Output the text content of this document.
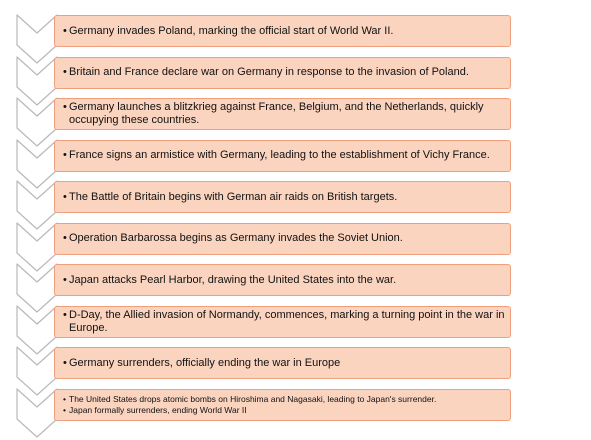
1
• Germany invades Poland, marking the official start of World War II.
1
• Britain and France declare war on Germany in response to the invasion of Poland.
1
• Germany launches a blitzkrieg against France, Belgium, and the Netherlands, quickly occupying these countries.
1
• France signs an armistice with Germany, leading to the establishment of Vichy France.
1
• The Battle of Britain begins with German air raids on British targets.
1
• Operation Barbarossa begins as Germany invades the Soviet Union.
1
• Japan attacks Pearl Harbor, drawing the United States into the war.
1
• D-Day, the Allied invasion of Normandy, commences, marking a turning point in the war in Europe.
1
• Germany surrenders, officially ending the war in Europe
1
• The United States drops atomic bombs on Hiroshima and Nagasaki, leading to Japan's surrender.
• Japan formally surrenders, ending World War II
